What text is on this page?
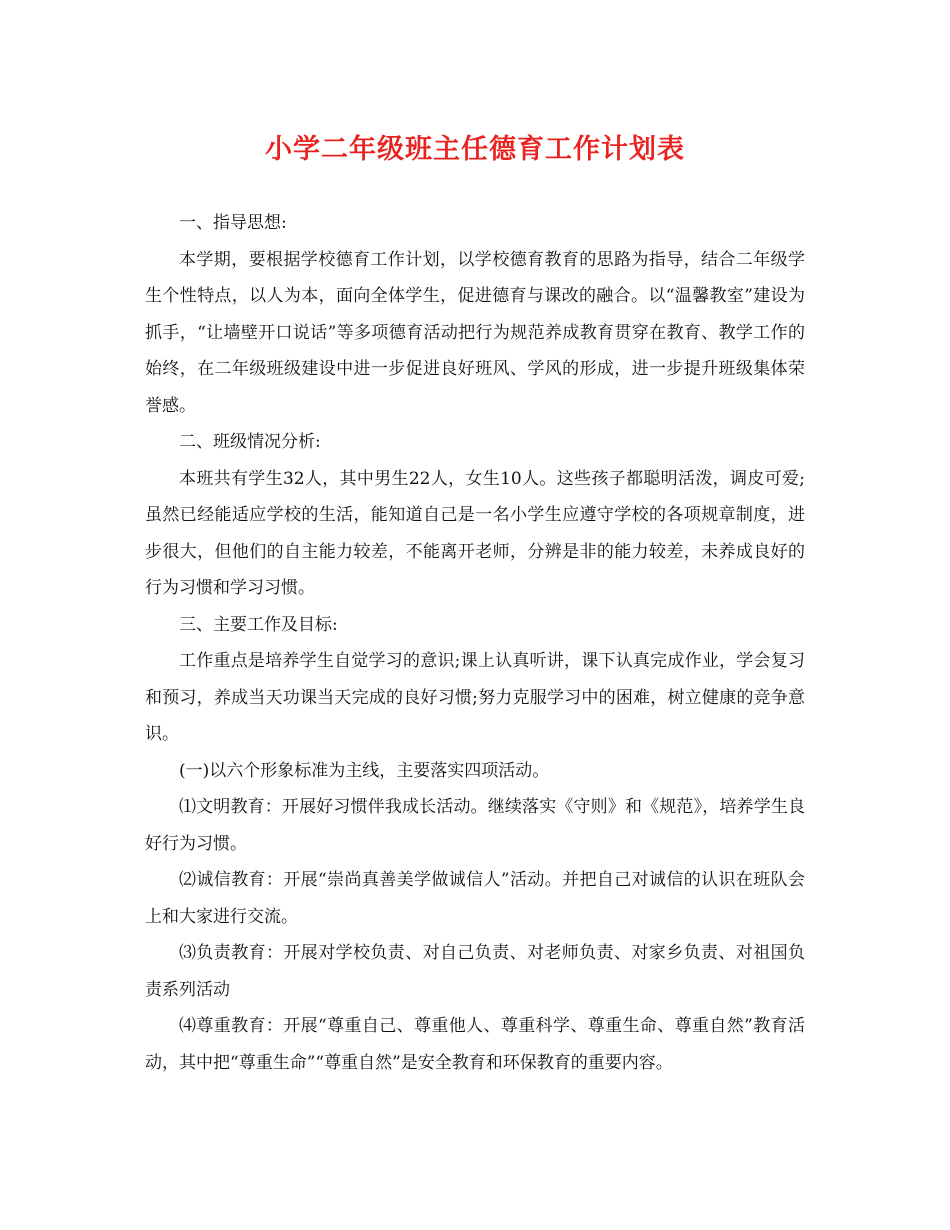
小学二年级班主任德育工作计划表

一、指导思想:

本学期，要根据学校德育工作计划，以学校德育教育的思路为指导，结合二年级学生个性特点，以人为本，面向全体学生，促进德育与课改的融合。以“温馨教室”建设为抓手，“让墙壁开口说话”等多项德育活动把行为规范养成教育贯穿在教育、教学工作的始终，在二年级班级建设中进一步促进良好班风、学风的形成，进一步提升班级集体荣誉感。

二、班级情况分析:

本班共有学生32人，其中男生22人，女生10人。这些孩子都聪明活泼，调皮可爱;虽然已经能适应学校的生活，能知道自己是一名小学生应遵守学校的各项规章制度，进步很大，但他们的自主能力较差，不能离开老师，分辨是非的能力较差，未养成良好的行为习惯和学习习惯。

三、主要工作及目标:

工作重点是培养学生自觉学习的意识;课上认真听讲，课下认真完成作业，学会复习和预习，养成当天功课当天完成的良好习惯;努力克服学习中的困难，树立健康的竞争意识。

(一)以六个形象标准为主线，主要落实四项活动。

⑴文明教育：开展好习惯伴我成长活动。继续落实《守则》和《规范》，培养学生良好行为习惯。

⑵诚信教育：开展“崇尚真善美学做诚信人”活动。并把自己对诚信的认识在班队会上和大家进行交流。

⑶负责教育：开展对学校负责、对自己负责、对老师负责、对家乡负责、对祖国负责系列活动

⑷尊重教育：开展“尊重自己、尊重他人、尊重科学、尊重生命、尊重自然”教育活动，其中把“尊重生命”“尊重自然”是安全教育和环保教育的重要内容。
